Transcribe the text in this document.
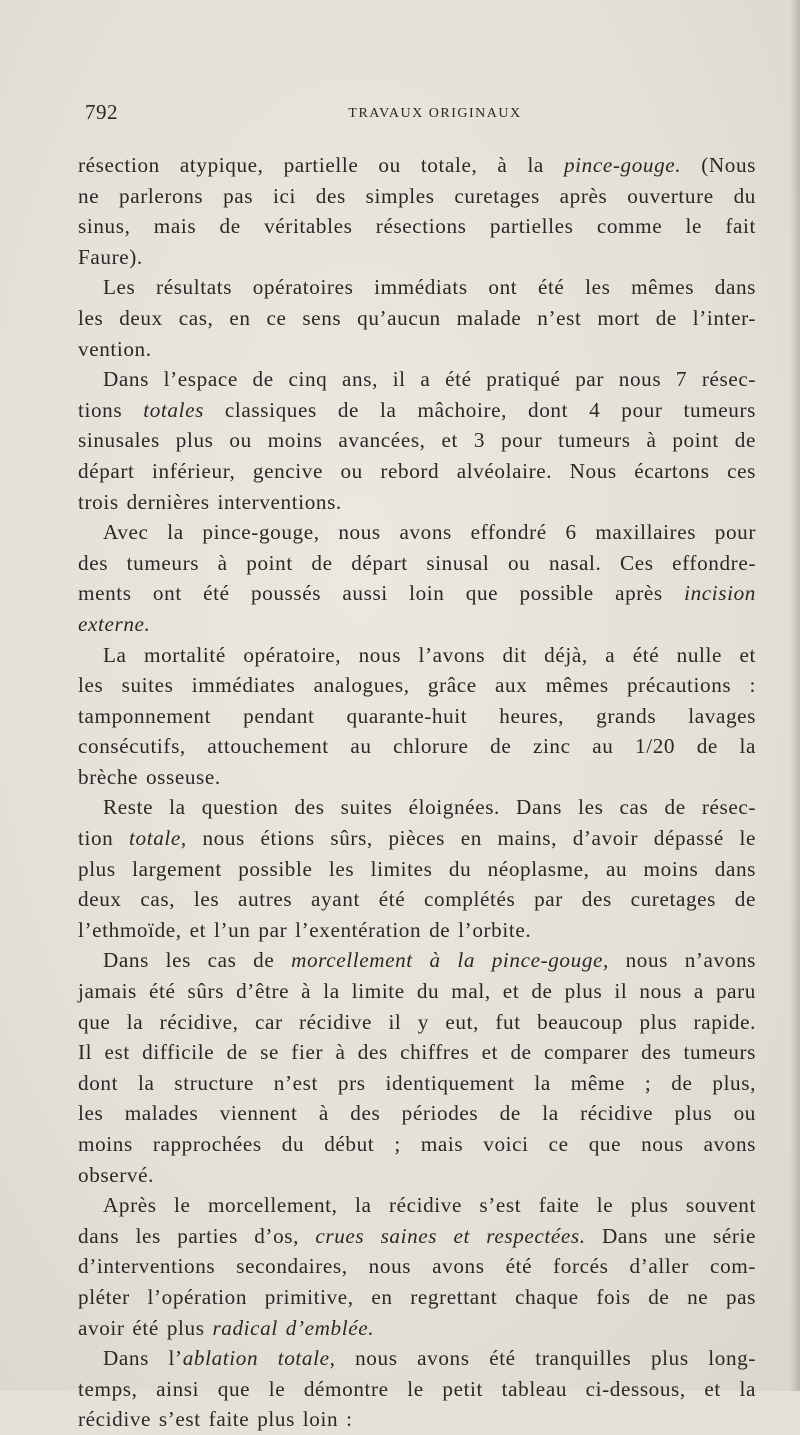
792	TRAVAUX ORIGINAUX
résection atypique, partielle ou totale, à la pince-gouge. (Nous
ne parlerons pas ici des simples curetages après ouverture du
sinus, mais de véritables résections partielles comme le fait
Faure).
Les résultats opératoires immédiats ont été les mêmes dans
les deux cas, en ce sens qu’aucun malade n’est mort de l’inter-
vention.
Dans l’espace de cinq ans, il a été pratiqué par nous 7 résec-
tions totales classiques de la mâchoire, dont 4 pour tumeurs
sinusales plus ou moins avancées, et 3 pour tumeurs à point de
départ inférieur, gencive ou rebord alvéolaire. Nous écartons ces
trois dernières interventions.
Avec la pince-gouge, nous avons effondré 6 maxillaires pour
des tumeurs à point de départ sinusal ou nasal. Ces effondre-
ments ont été poussés aussi loin que possible après incision
externe.
La mortalité opératoire, nous l’avons dit déjà, a été nulle et
les suites immédiates analogues, grâce aux mêmes précautions :
tamponnement pendant quarante-huit heures, grands lavages
consécutifs, attouchement au chlorure de zinc au 1/20 de la
brèche osseuse.
Reste la question des suites éloignées. Dans les cas de résec-
tion totale, nous étions sûrs, pièces en mains, d’avoir dépassé le
plus largement possible les limites du néoplasme, au moins dans
deux cas, les autres ayant été complétés par des curetages de
l’ethmoïde, et l’un par l’exentération de l’orbite.
Dans les cas de morcellement à la pince-gouge, nous n’avons
jamais été sûrs d’être à la limite du mal, et de plus il nous a paru
que la récidive, car récidive il y eut, fut beaucoup plus rapide.
Il est difficile de se fier à des chiffres et de comparer des tumeurs
dont la structure n’est prs identiquement la même ; de plus,
les malades viennent à des périodes de la récidive plus ou
moins rapprochées du début ; mais voici ce que nous avons
observé.
Après le morcellement, la récidive s’est faite le plus souvent
dans les parties d’os, crues saines et respectées. Dans une série
d’interventions secondaires, nous avons été forcés d’aller com-
pléter l’opération primitive, en regrettant chaque fois de ne pas
avoir été plus radical d’emblée.
Dans l’ablation totale, nous avons été tranquilles plus long-
temps, ainsi que le démontre le petit tableau ci-dessous, et la
récidive s’est faite plus loin :
